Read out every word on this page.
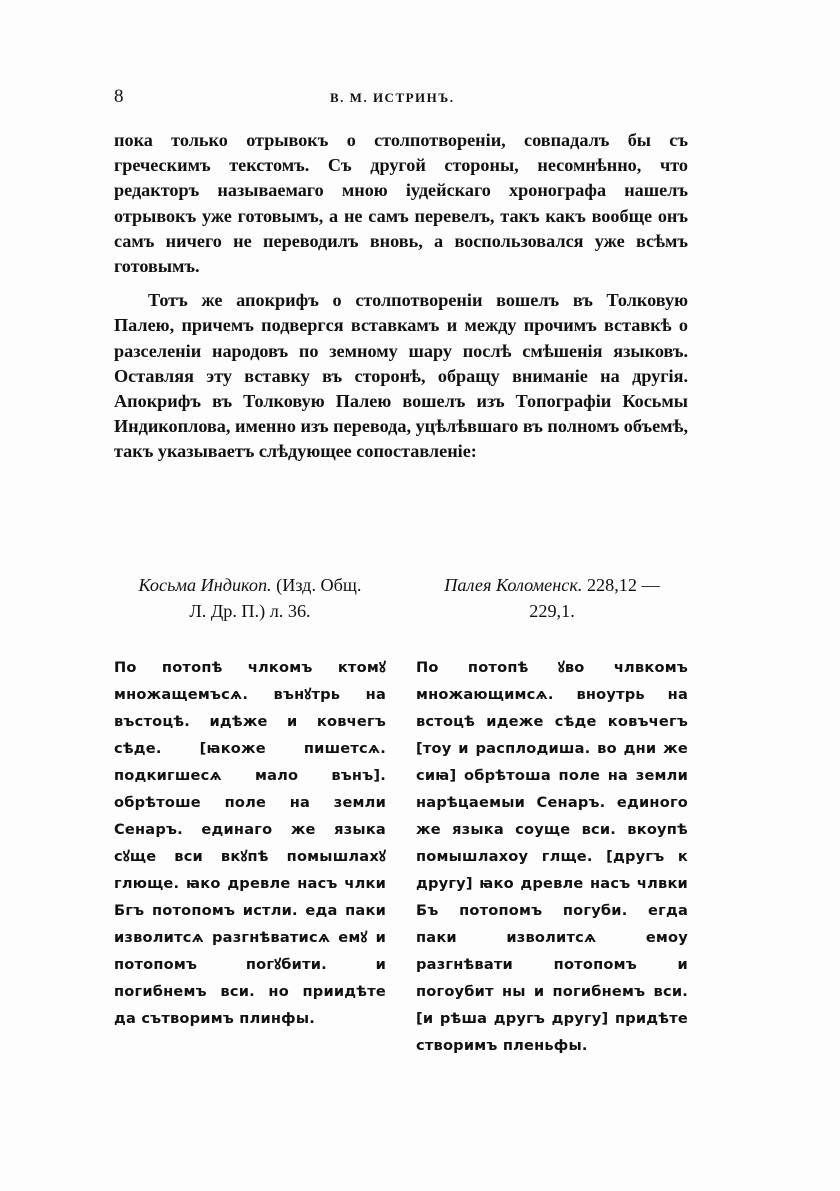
8	В. М. ИСТРИНЪ.

пока только отрывокъ о столпотвореніи, совпадалъ бы съ греческимъ текстомъ. Съ другой стороны, несомнѣнно, что редакторъ называемаго мною іудейскаго хронографа нашелъ отрывокъ уже готовымъ, а не самъ перевелъ, такъ какъ вообще онъ самъ ничего не переводилъ вновь, а воспользовался уже всѣмъ готовымъ.

Тотъ же апокрифъ о столпотвореніи вошелъ въ Толковую Палею, причемъ подвергся вставкамъ и между прочимъ вставкѣ о разселеніи народовъ по земному шару послѣ смѣшенія языковъ. Оставляя эту вставку въ сторонѣ, обращу вниманіе на другія. Апокрифъ въ Толковую Палею вошелъ изъ Топографіи Косьмы Индикоплова, именно изъ перевода, уцѣлѣвшаго въ полномъ объемѣ, такъ указываетъ слѣдующее сопоставленіе:

Косьма Индикоп. (Изд. Общ.
Л. Др. П.) л. 36.

По потопѣ члкомъ ктомꙋ множащемъсѧ. вънꙋтрь на въстоцѣ. идѣже и ковчегъ сѣде. [ꙗкоже пишетсѧ. подкигшесѧ мало вънъ]. обрѣтоше поле на земли Сенаръ. единаго же языка сꙋще вси вкꙋпѣ помышлахꙋ глюще. ꙗко древле насъ члки Бгъ потопомъ истли. еда паки изволитсѧ разгнѣватисѧ емꙋ и потопомъ погꙋбити. и погибнемъ вси. но приидѣте да сътворимъ плинфы.

Палея Коломенск. 228,12 —
229,1.

По потопѣ ꙋво члвкомъ множающимсѧ. вноутрь на встоцѣ идеже сѣде ковъчегъ [тоу и расплодиша. во дни же сиꙗ] обрѣтоша поле на земли нарѣцаемыи Сенаръ. единого же языка соуще вси. вкоупѣ помышлахоу глще. [другъ к другу] ꙗко древле насъ члвки Бъ потопомъ погуби. егда паки изволитсѧ емоу разгнѣвати потопомъ и погоубит ны и погибнемъ вси. [и рѣша другъ другу] придѣте створимъ пленьфы.
